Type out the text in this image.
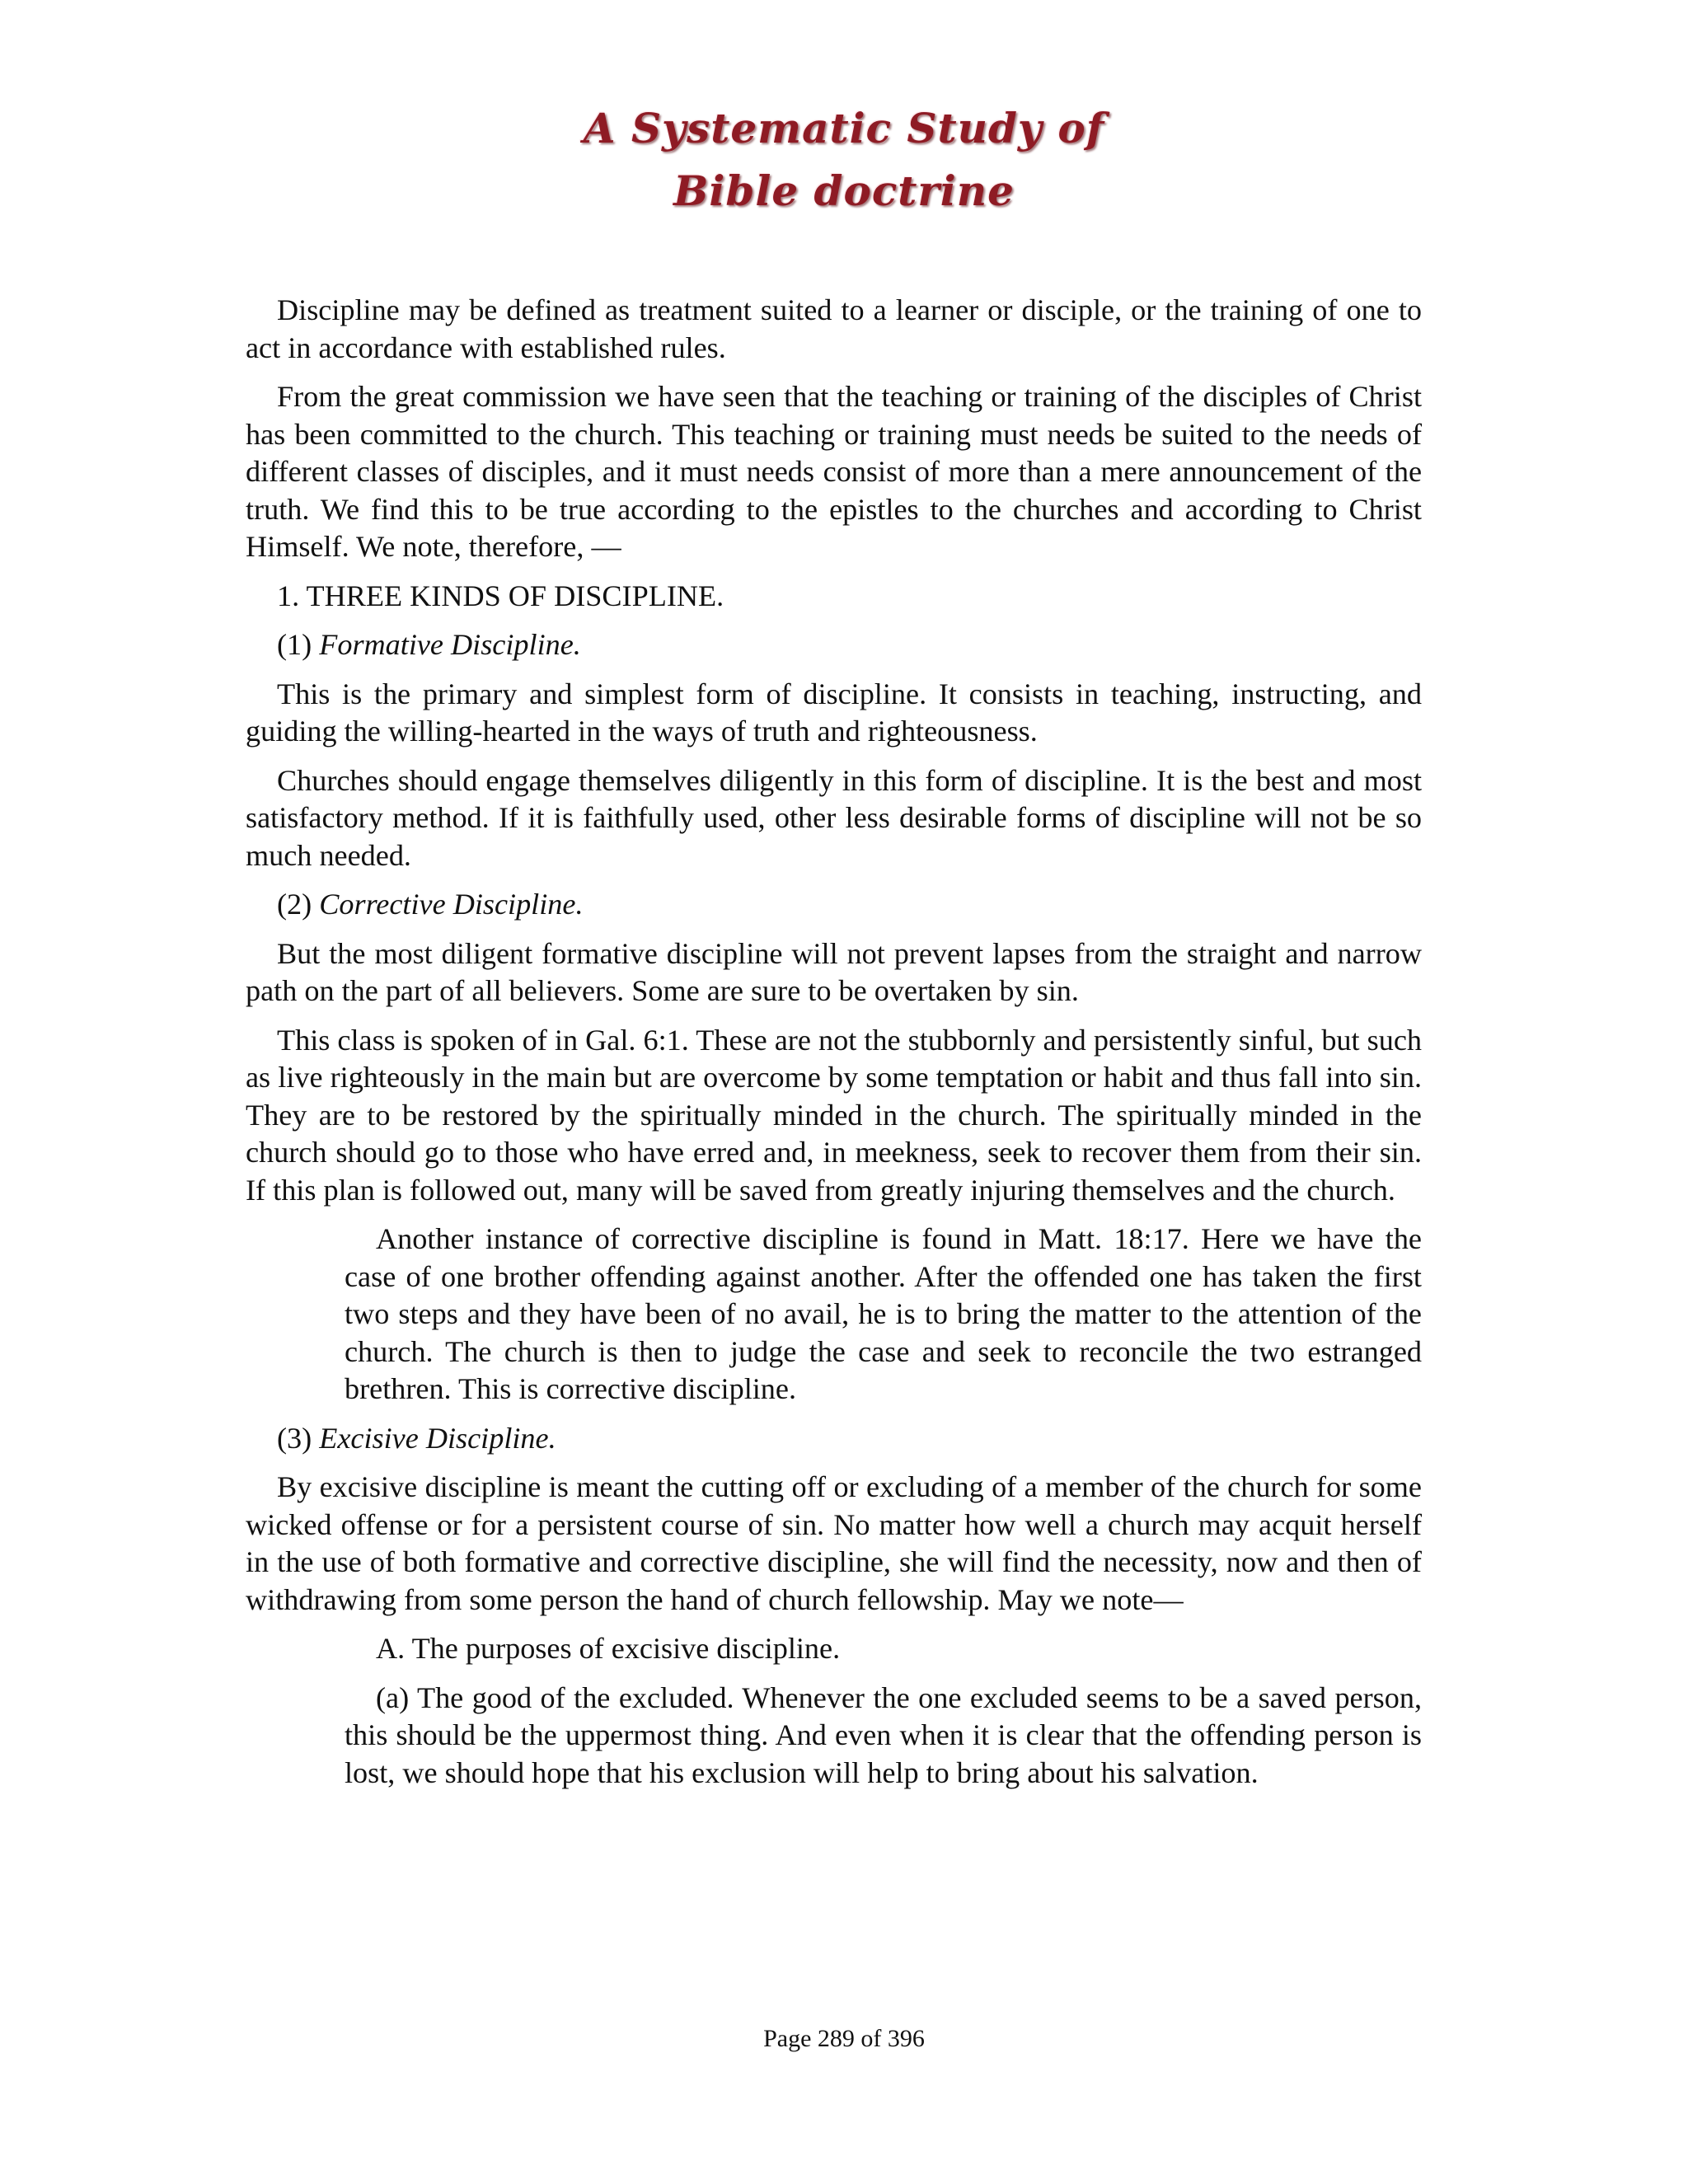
A Systematic Study of
Bible doctrine

Discipline may be defined as treatment suited to a learner or disciple, or the training of one to act in accordance with established rules.

From the great commission we have seen that the teaching or training of the disciples of Christ has been committed to the church. This teaching or training must needs be suited to the needs of different classes of disciples, and it must needs consist of more than a mere announcement of the truth. We find this to be true according to the epistles to the churches and according to Christ Himself. We note, therefore, —

1. THREE KINDS OF DISCIPLINE.

(1) Formative Discipline.

This is the primary and simplest form of discipline. It consists in teaching, instructing, and guiding the willing-hearted in the ways of truth and righteousness.

Churches should engage themselves diligently in this form of discipline. It is the best and most satisfactory method. If it is faithfully used, other less desirable forms of discipline will not be so much needed.

(2) Corrective Discipline.

But the most diligent formative discipline will not prevent lapses from the straight and narrow path on the part of all believers. Some are sure to be overtaken by sin.

This class is spoken of in Gal. 6:1. These are not the stubbornly and persistently sinful, but such as live righteously in the main but are overcome by some temptation or habit and thus fall into sin. They are to be restored by the spiritually minded in the church. The spiritually minded in the church should go to those who have erred and, in meekness, seek to recover them from their sin. If this plan is followed out, many will be saved from greatly injuring themselves and the church.

Another instance of corrective discipline is found in Matt. 18:17. Here we have the case of one brother offending against another. After the offended one has taken the first two steps and they have been of no avail, he is to bring the matter to the attention of the church. The church is then to judge the case and seek to reconcile the two estranged brethren. This is corrective discipline.

(3) Excisive Discipline.

By excisive discipline is meant the cutting off or excluding of a member of the church for some wicked offense or for a persistent course of sin. No matter how well a church may acquit herself in the use of both formative and corrective discipline, she will find the necessity, now and then of withdrawing from some person the hand of church fellowship. May we note—

A. The purposes of excisive discipline.

(a) The good of the excluded. Whenever the one excluded seems to be a saved person, this should be the uppermost thing. And even when it is clear that the offending person is lost, we should hope that his exclusion will help to bring about his salvation.

Page 289 of 396
